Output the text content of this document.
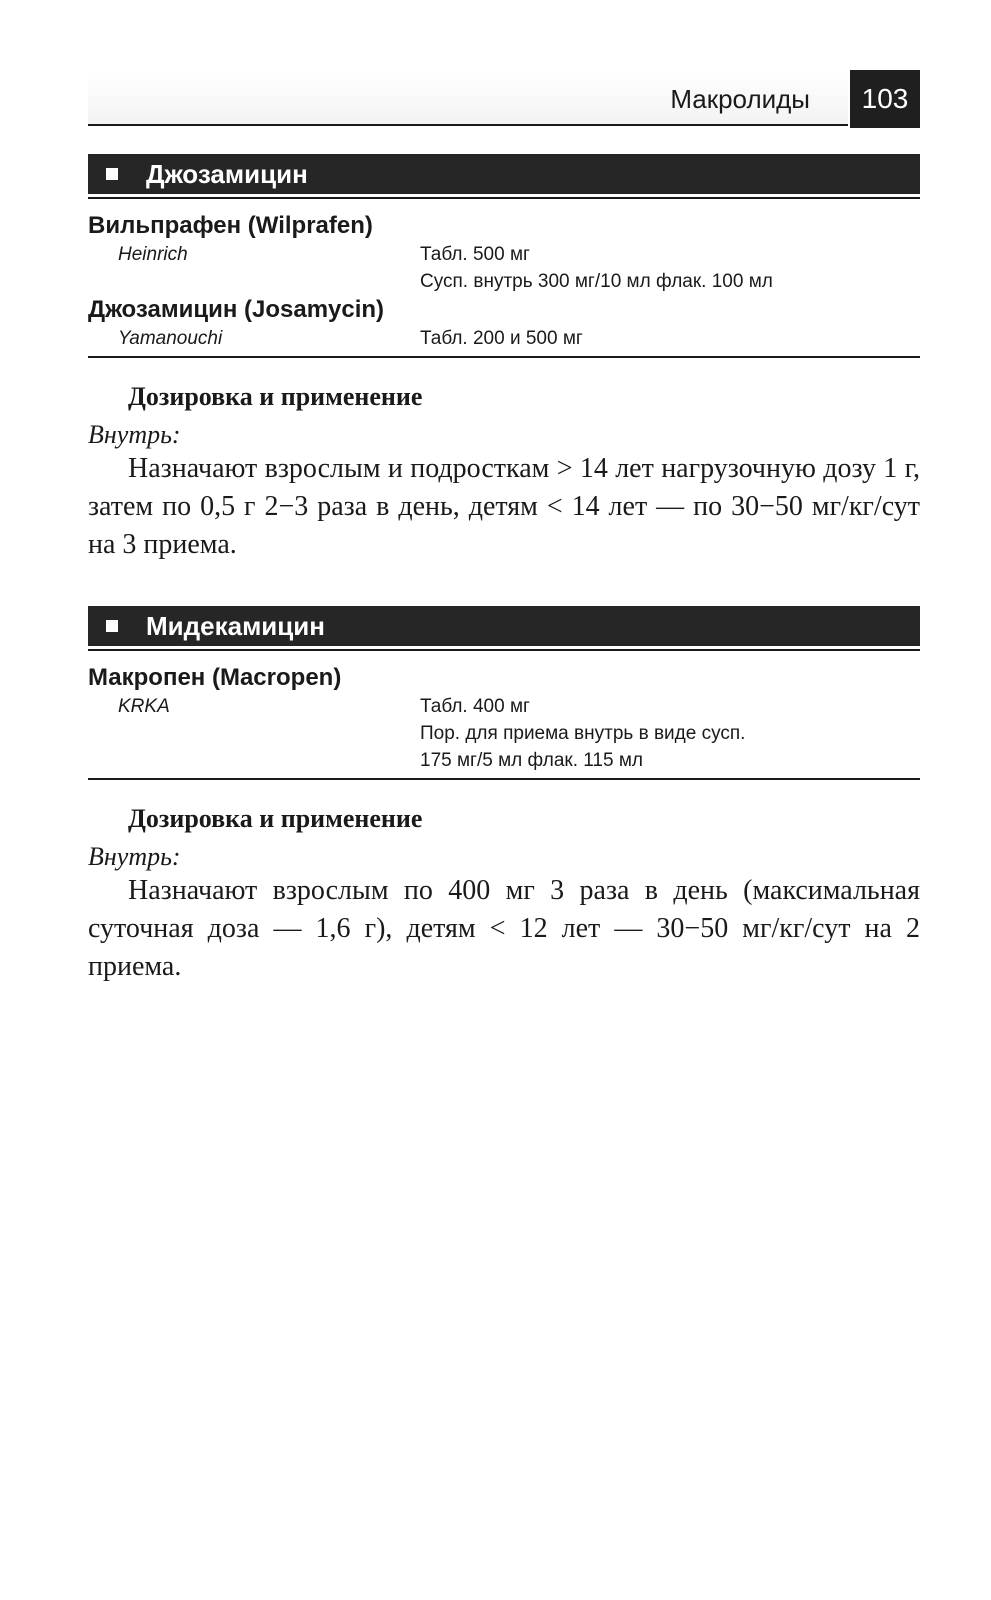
Макролиды	103
Джозамицин
Вильпрафен (Wilprafen)
Heinrich	Табл. 500 мг
Сусп. внутрь 300 мг/10 мл флак. 100 мл
Джозамицин (Josamycin)
Yamanouchi	Табл. 200 и 500 мг
Дозировка и применение
Внутрь:
Назначают взрослым и подросткам > 14 лет нагрузочную дозу 1 г, затем по 0,5 г 2−3 раза в день, детям < 14 лет — по 30−50 мг/кг/сут на 3 приема.
Мидекамицин
Макропен (Macropen)
KRKA	Табл. 400 мг
Пор. для приема внутрь в виде сусп.
175 мг/5 мл флак. 115 мл
Дозировка и применение
Внутрь:
Назначают взрослым по 400 мг 3 раза в день (максимальная суточная доза — 1,6 г), детям < 12 лет — 30−50 мг/кг/сут на 2 приема.
